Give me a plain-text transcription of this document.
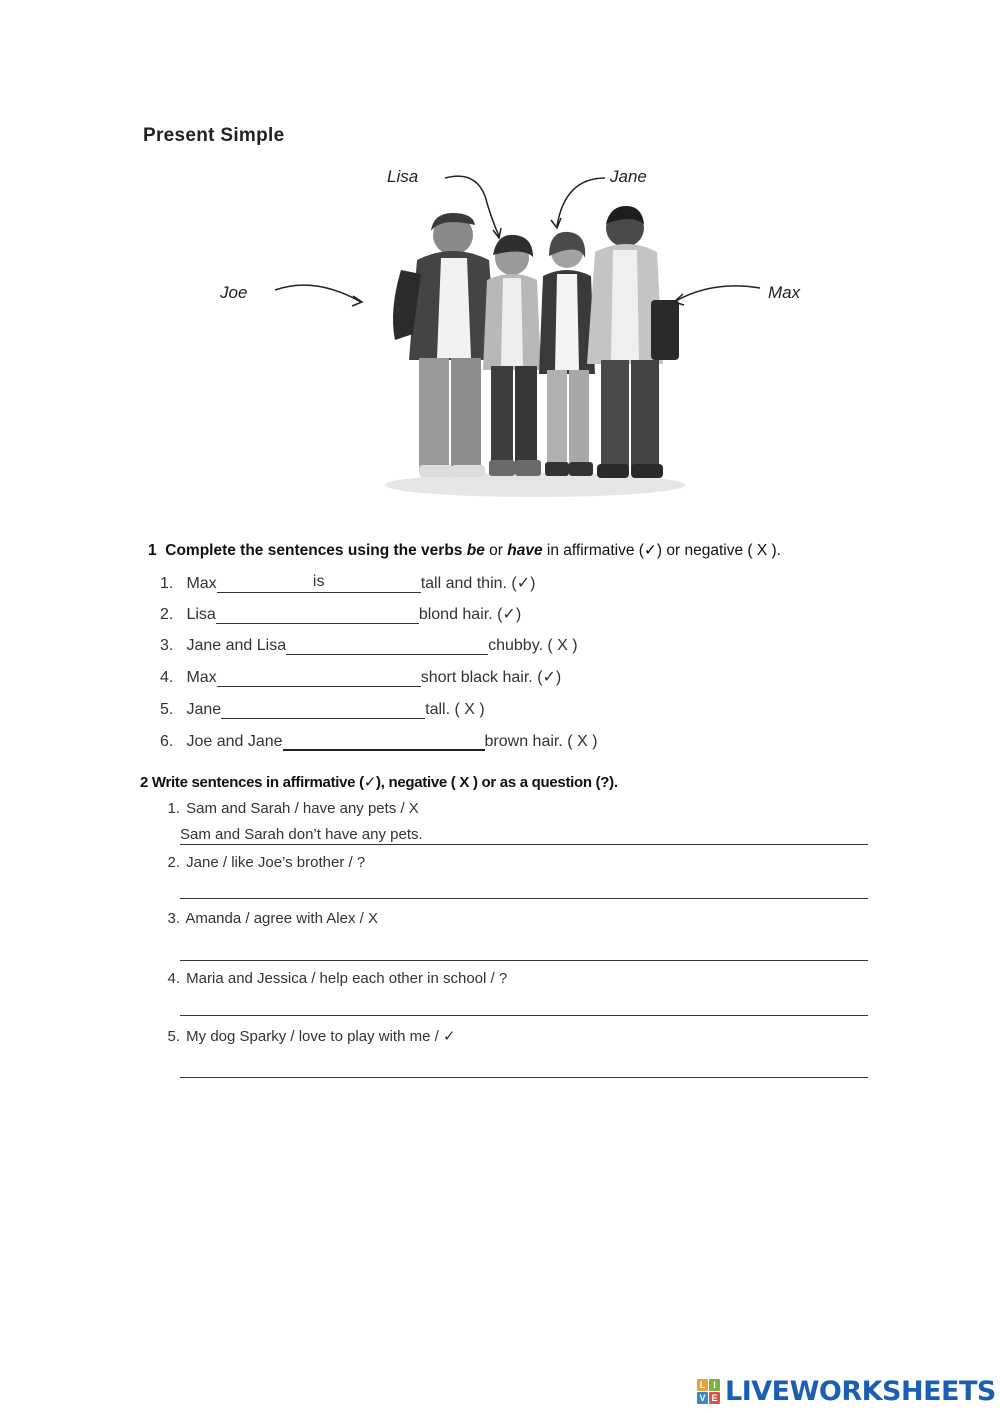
Present Simple
Lisa	Jane
Joe	Max
1 Complete the sentences using the verbs be or have in affirmative (✓) or negative ( X ).
1.
Max	is	tall and thin. (✓)
2.
Lisa	blond hair. (✓)
3.
Jane and Lisa	chubby. ( X )
4.
Max	short black hair. (✓)
5.
Jane	tall. ( X )
6.
Joe and Jane	brown hair. ( X )
2 Write sentences in affirmative (✓), negative ( X ) or as a question (?).
1. Sam and Sarah / have any pets / X
Sam and Sarah don’t have any pets.
2. Jane / like Joe’s brother / ?
3. Amanda / agree with Alex / X
4. Maria and Jessica / help each other in school / ?
5. My dog Sparky / love to play with me / ✓
L I
V E LIVEWORKSHEETS
